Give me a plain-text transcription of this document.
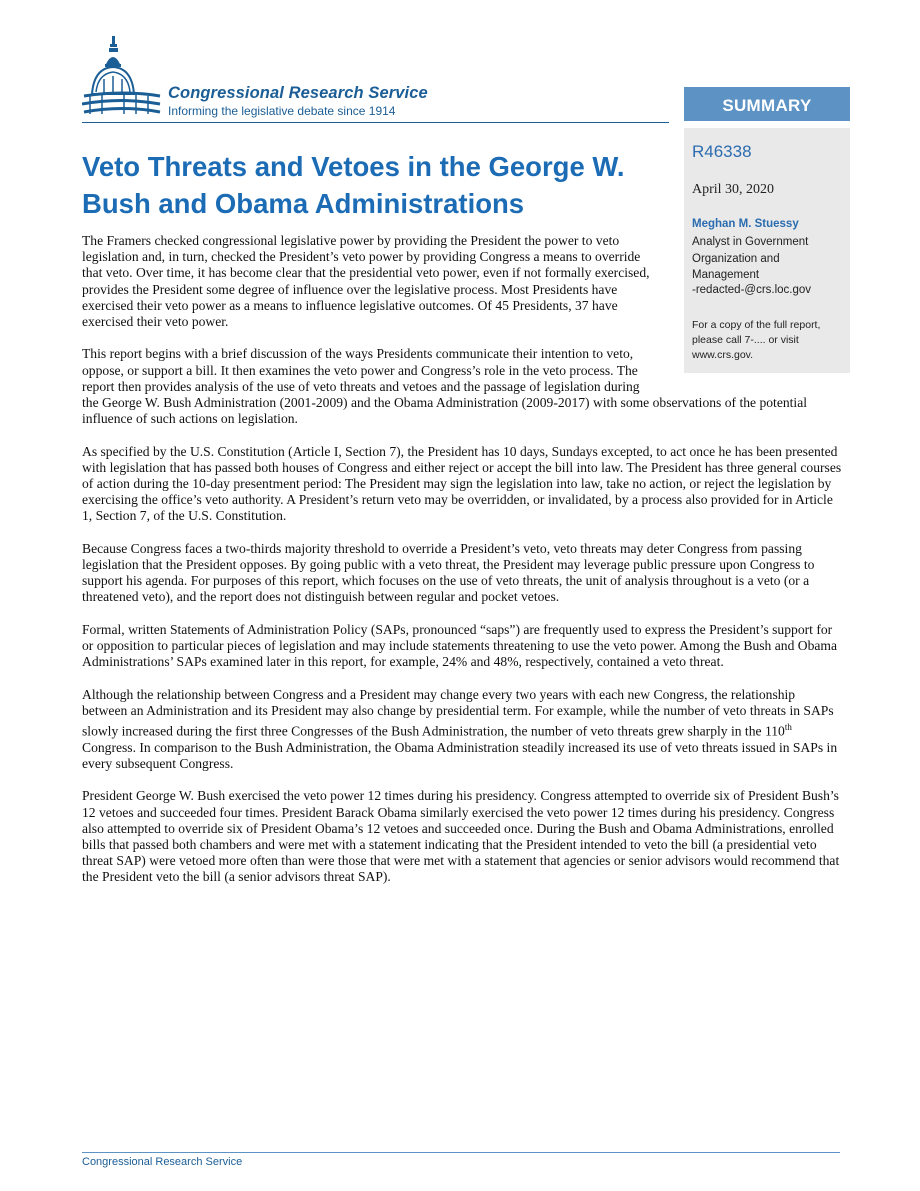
Congressional Research Service
Informing the legislative debate since 1914	SUMMARY
R46338
April 30, 2020
Meghan M. Stuessy
Analyst in Government Organization and Management
-redacted-@crs.loc.gov
For a copy of the full report, please call 7-.... or visit www.crs.gov.
Veto Threats and Vetoes in the George W. Bush and Obama Administrations

The Framers checked congressional legislative power by providing the President the power to veto legislation and, in turn, checked the President’s veto power by providing Congress a means to override that veto. Over time, it has become clear that the presidential veto power, even if not formally exercised, provides the President some degree of influence over the legislative process. Most Presidents have exercised their veto power as a means to influence legislative outcomes. Of 45 Presidents, 37 have exercised their veto power.

This report begins with a brief discussion of the ways Presidents communicate their intention to veto, oppose, or support a bill. It then examines the veto power and Congress’s role in the veto process. The report then provides analysis of the use of veto threats and vetoes and the passage of legislation during the George W. Bush Administration (2001-2009) and the Obama Administration (2009-2017) with some observations of the potential influence of such actions on legislation.

As specified by the U.S. Constitution (Article I, Section 7), the President has 10 days, Sundays excepted, to act once he has been presented with legislation that has passed both houses of Congress and either reject or accept the bill into law. The President has three general courses of action during the 10-day presentment period: The President may sign the legislation into law, take no action, or reject the legislation by exercising the office’s veto authority. A President’s return veto may be overridden, or invalidated, by a process also provided for in Article 1, Section 7, of the U.S. Constitution.

Because Congress faces a two-thirds majority threshold to override a President’s veto, veto threats may deter Congress from passing legislation that the President opposes. By going public with a veto threat, the President may leverage public pressure upon Congress to support his agenda. For purposes of this report, which focuses on the use of veto threats, the unit of analysis throughout is a veto (or a threatened veto), and the report does not distinguish between regular and pocket vetoes.

Formal, written Statements of Administration Policy (SAPs, pronounced “saps”) are frequently used to express the President’s support for or opposition to particular pieces of legislation and may include statements threatening to use the veto power. Among the Bush and Obama Administrations’ SAPs examined later in this report, for example, 24% and 48%, respectively, contained a veto threat.

Although the relationship between Congress and a President may change every two years with each new Congress, the relationship between an Administration and its President may also change by presidential term. For example, while the number of veto threats in SAPs slowly increased during the first three Congresses of the Bush Administration, the number of veto threats grew sharply in the 110th Congress. In comparison to the Bush Administration, the Obama Administration steadily increased its use of veto threats issued in SAPs in every subsequent Congress.

President George W. Bush exercised the veto power 12 times during his presidency. Congress attempted to override six of President Bush’s 12 vetoes and succeeded four times. President Barack Obama similarly exercised the veto power 12 times during his presidency. Congress also attempted to override six of President Obama’s 12 vetoes and succeeded once. During the Bush and Obama Administrations, enrolled bills that passed both chambers and were met with a statement indicating that the President intended to veto the bill (a presidential veto threat SAP) were vetoed more often than were those that were met with a statement that agencies or senior advisors would recommend that the President veto the bill (a senior advisors threat SAP).

Congressional Research Service
